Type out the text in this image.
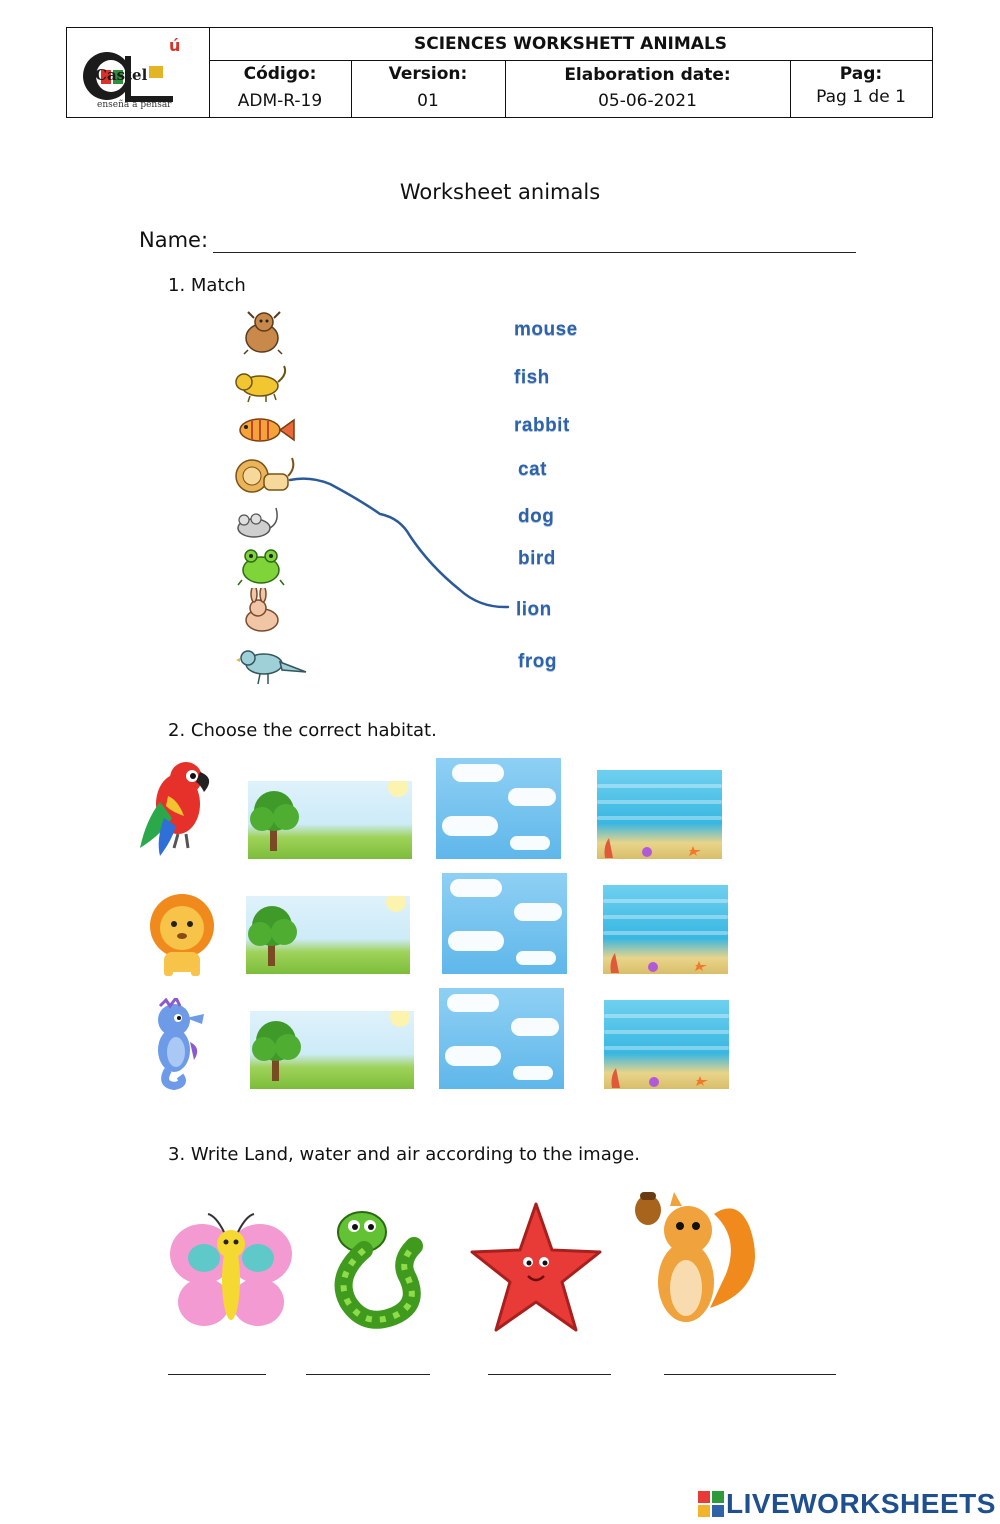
Castel
ú
enseña a pensar
SCIENCES WORKSHETT ANIMALS
Código:
ADM-R-19
Version:
01
Elaboration date:
05-06-2021
Pag:
Pag 1 de 1
Worksheet animals
Name:
1. Match
mouse
fish
rabbit
cat
dog
bird
lion
frog
2. Choose the correct habitat.
3. Write Land, water and air according to the image.
LIVEWORKSHEETS
